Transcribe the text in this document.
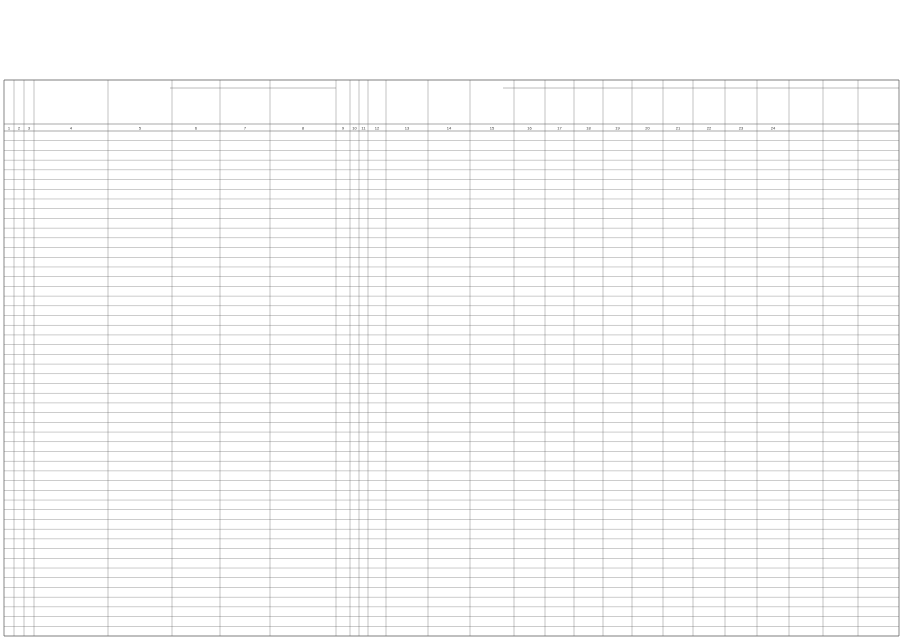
1 2 3	4	5	6	7	8	9 10 11 12	13	14	15	16	17	18	19	20	21	22	23	24
